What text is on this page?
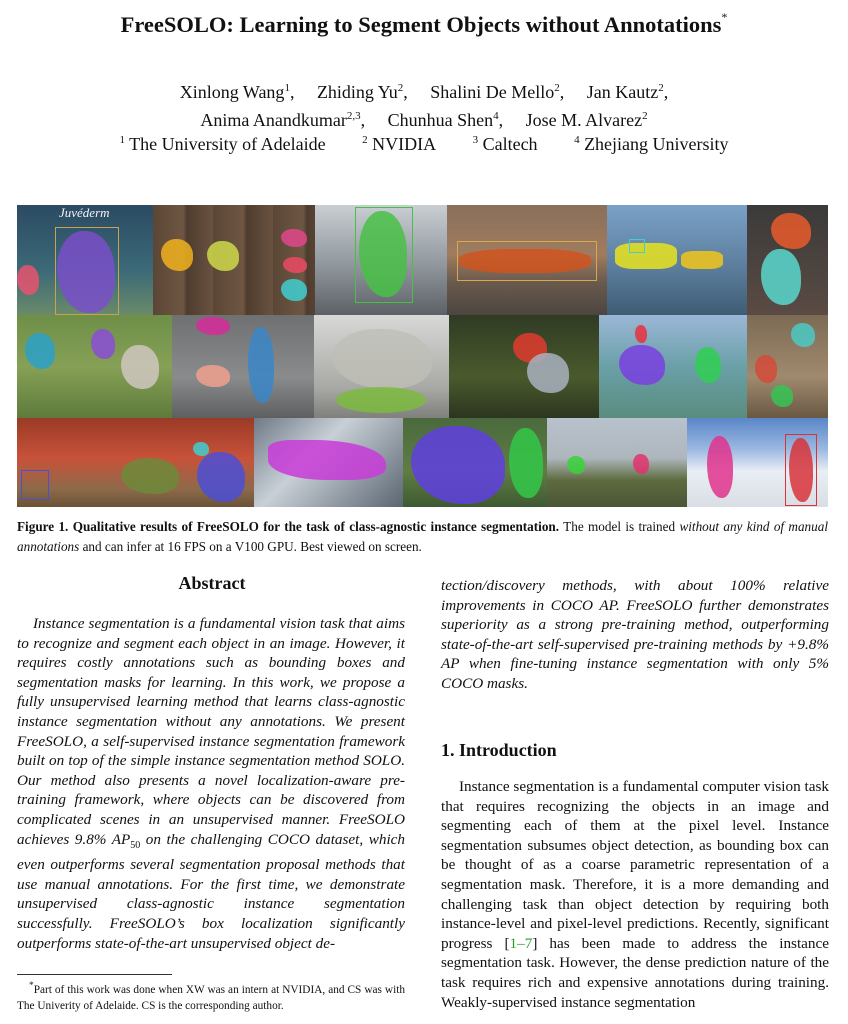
FreeSOLO: Learning to Segment Objects without Annotations*
Xinlong Wang$^1$, Zhiding Yu$^2$, Shalini De Mello$^2$, Jan Kautz$^2$,
Anima Anandkumar$^{2,3}$, Chunhua Shen$^4$, Jose M. Alvarez$^2$
$^1$ The University of Adelaide	$^2$ NVIDIA	$^3$ Caltech	$^4$ Zhejiang University
Juvéderm
Figure 1. Qualitative results of FreeSOLO for the task of class-agnostic instance segmentation. The model is trained without any kind of manual annotations and can infer at 16 FPS on a V100 GPU. Best viewed on screen.
Abstract
Instance segmentation is a fundamental vision task that aims to recognize and segment each object in an image. However, it requires costly annotations such as bounding boxes and segmentation masks for learning. In this work, we propose a fully unsupervised learning method that learns class-agnostic instance segmentation without any annotations. We present FreeSOLO, a self-supervised instance segmentation framework built on top of the simple instance segmentation method SOLO. Our method also presents a novel localization-aware pre-training framework, where objects can be discovered from complicated scenes in an unsupervised manner. FreeSOLO achieves 9.8% $AP_{50}$ on the challenging COCO dataset, which even outperforms several segmentation proposal methods that use manual annotations. For the first time, we demonstrate unsupervised class-agnostic instance segmentation successfully. FreeSOLO’s box localization significantly outperforms state-of-the-art unsupervised object de-
tection/discovery methods, with about 100% relative improvements in COCO AP. FreeSOLO further demonstrates superiority as a strong pre-training method, outperforming state-of-the-art self-supervised pre-training methods by +9.8% AP when fine-tuning instance segmentation with only 5% COCO masks.
1. Introduction
Instance segmentation is a fundamental computer vision task that requires recognizing the objects in an image and segmenting each of them at the pixel level. Instance segmentation subsumes object detection, as bounding box can be thought of as a coarse parametric representation of a segmentation mask. Therefore, it is a more demanding and challenging task than object detection by requiring both instance-level and pixel-level predictions. Recently, significant progress [1–7] has been made to address the instance segmentation task. However, the dense prediction nature of the task requires rich and expensive annotations during training. Weakly-supervised instance segmentation
*Part of this work was done when XW was an intern at NVIDIA, and CS was with The Univerity of Adelaide. CS is the corresponding author.
